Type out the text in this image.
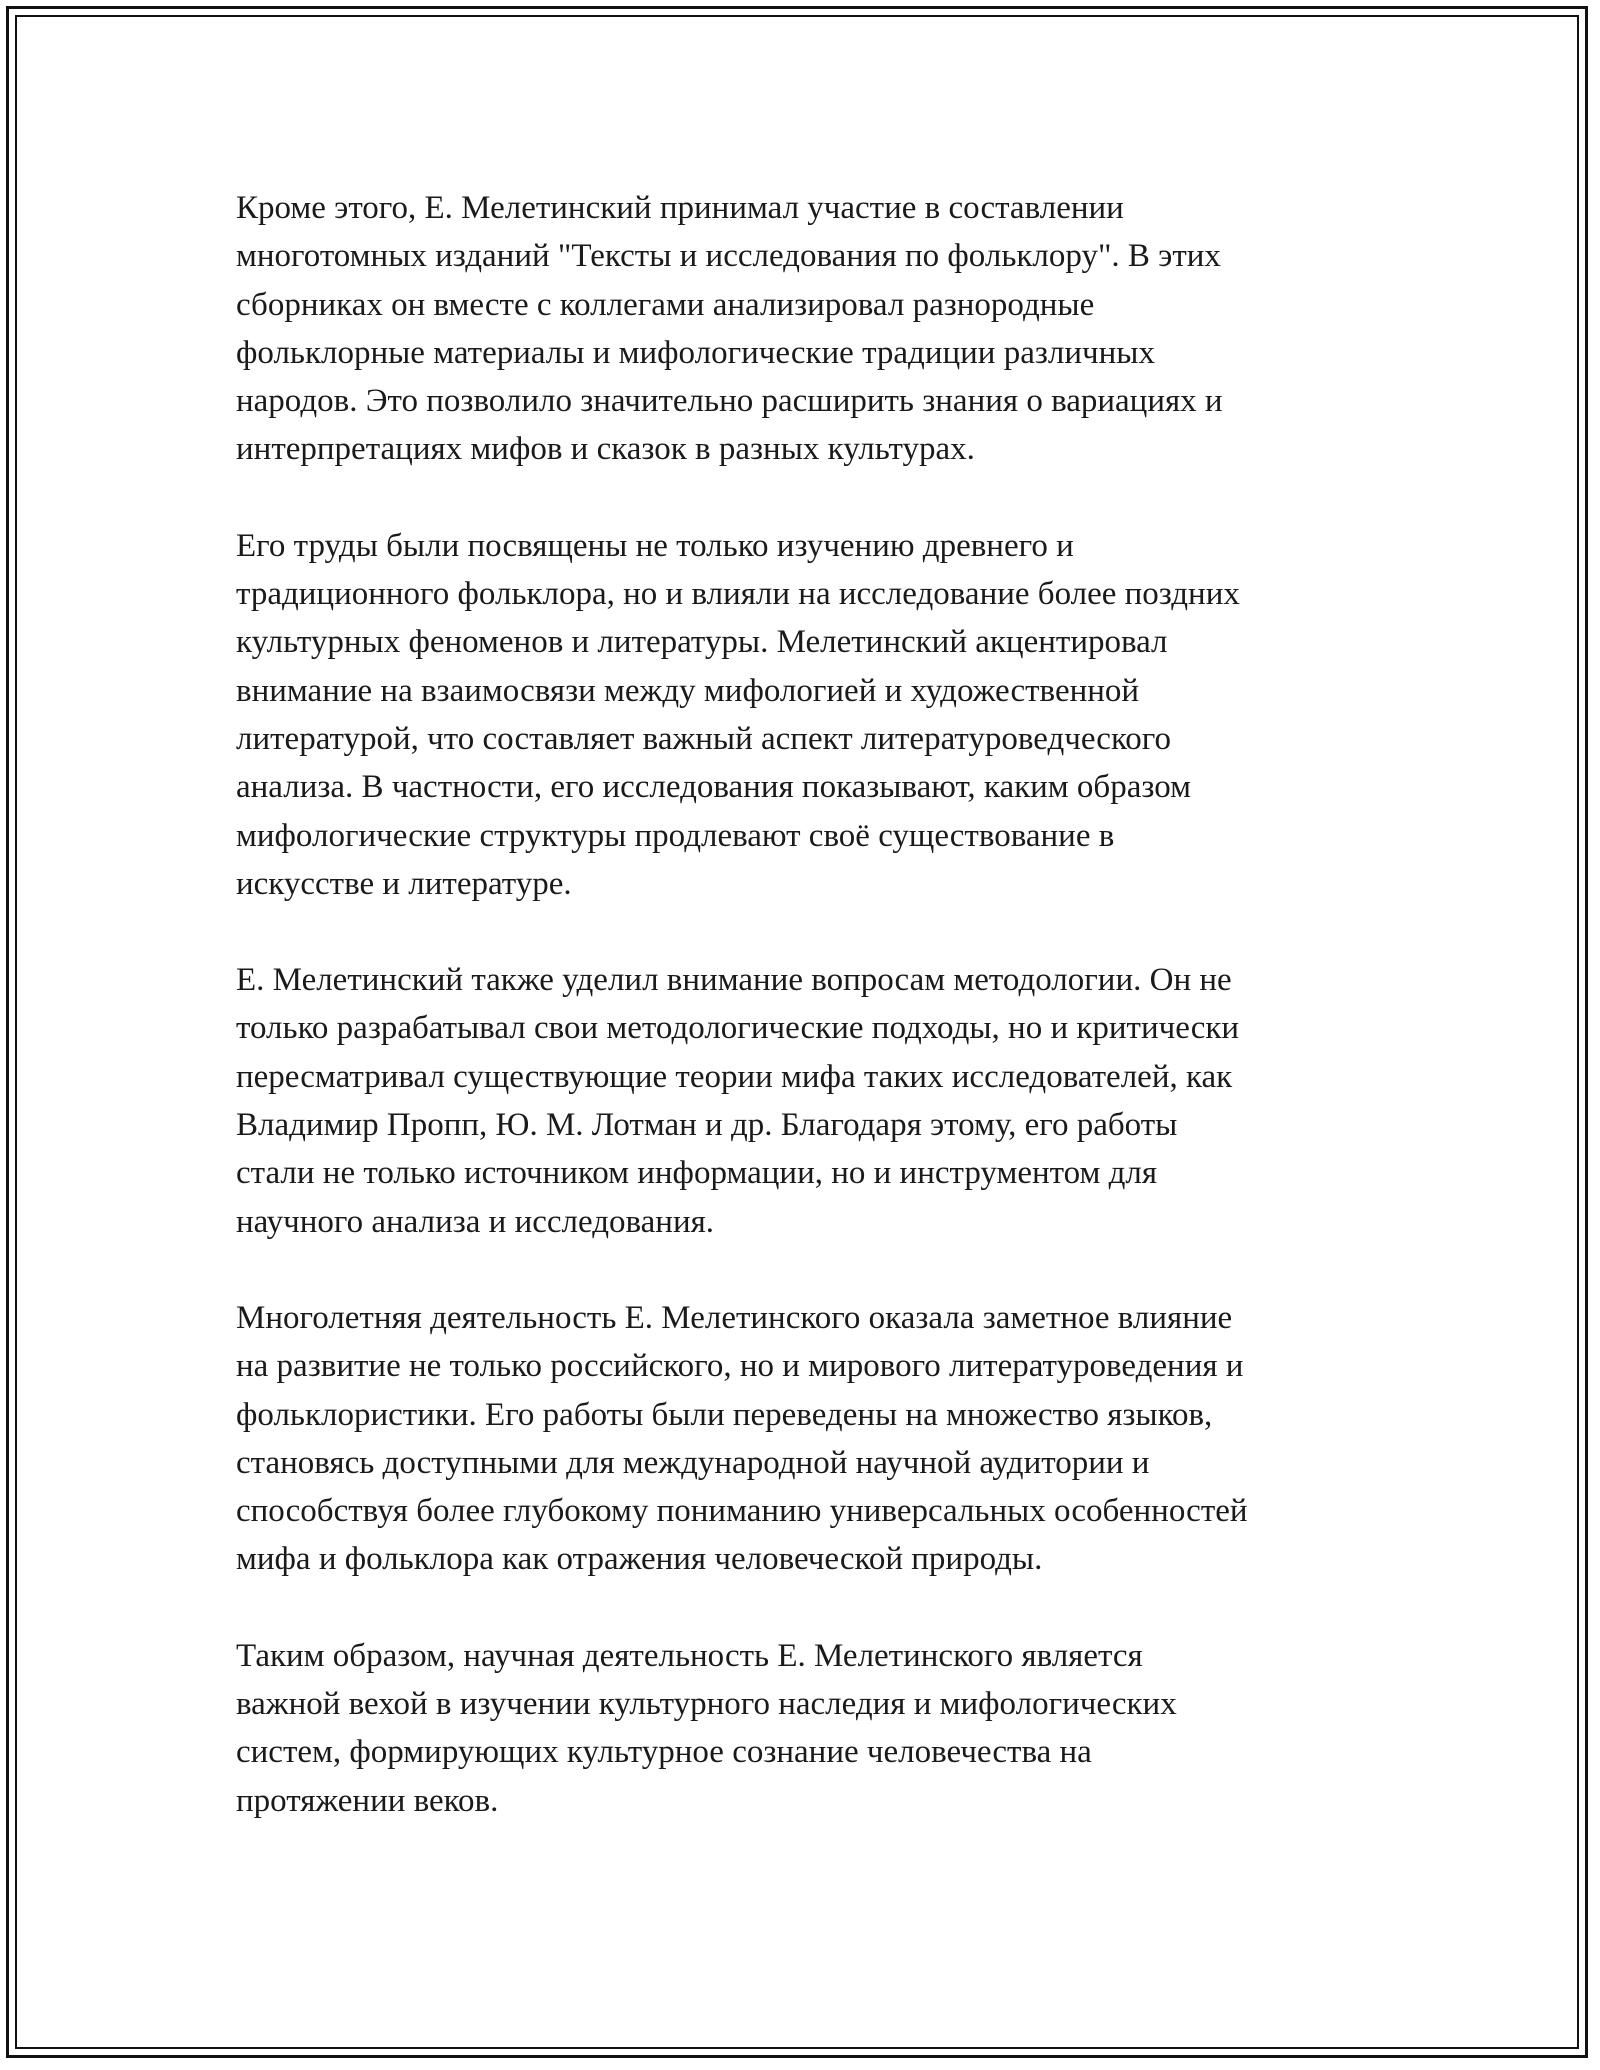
Кроме этого, Е. Мелетинский принимал участие в составлении
многотомных изданий "Тексты и исследования по фольклору". В этих
сборниках он вместе с коллегами анализировал разнородные
фольклорные материалы и мифологические традиции различных
народов. Это позволило значительно расширить знания о вариациях и
интерпретациях мифов и сказок в разных культурах.

Его труды были посвящены не только изучению древнего и
традиционного фольклора, но и влияли на исследование более поздних
культурных феноменов и литературы. Мелетинский акцентировал
внимание на взаимосвязи между мифологией и художественной
литературой, что составляет важный аспект литературоведческого
анализа. В частности, его исследования показывают, каким образом
мифологические структуры продлевают своё существование в
искусстве и литературе.

Е. Мелетинский также уделил внимание вопросам методологии. Он не
только разрабатывал свои методологические подходы, но и критически
пересматривал существующие теории мифа таких исследователей, как
Владимир Пропп, Ю. М. Лотман и др. Благодаря этому, его работы
стали не только источником информации, но и инструментом для
научного анализа и исследования.

Многолетняя деятельность Е. Мелетинского оказала заметное влияние
на развитие не только российского, но и мирового литературоведения и
фольклористики. Его работы были переведены на множество языков,
становясь доступными для международной научной аудитории и
способствуя более глубокому пониманию универсальных особенностей
мифа и фольклора как отражения человеческой природы.

Таким образом, научная деятельность Е. Мелетинского является
важной вехой в изучении культурного наследия и мифологических
систем, формирующих культурное сознание человечества на
протяжении веков.
